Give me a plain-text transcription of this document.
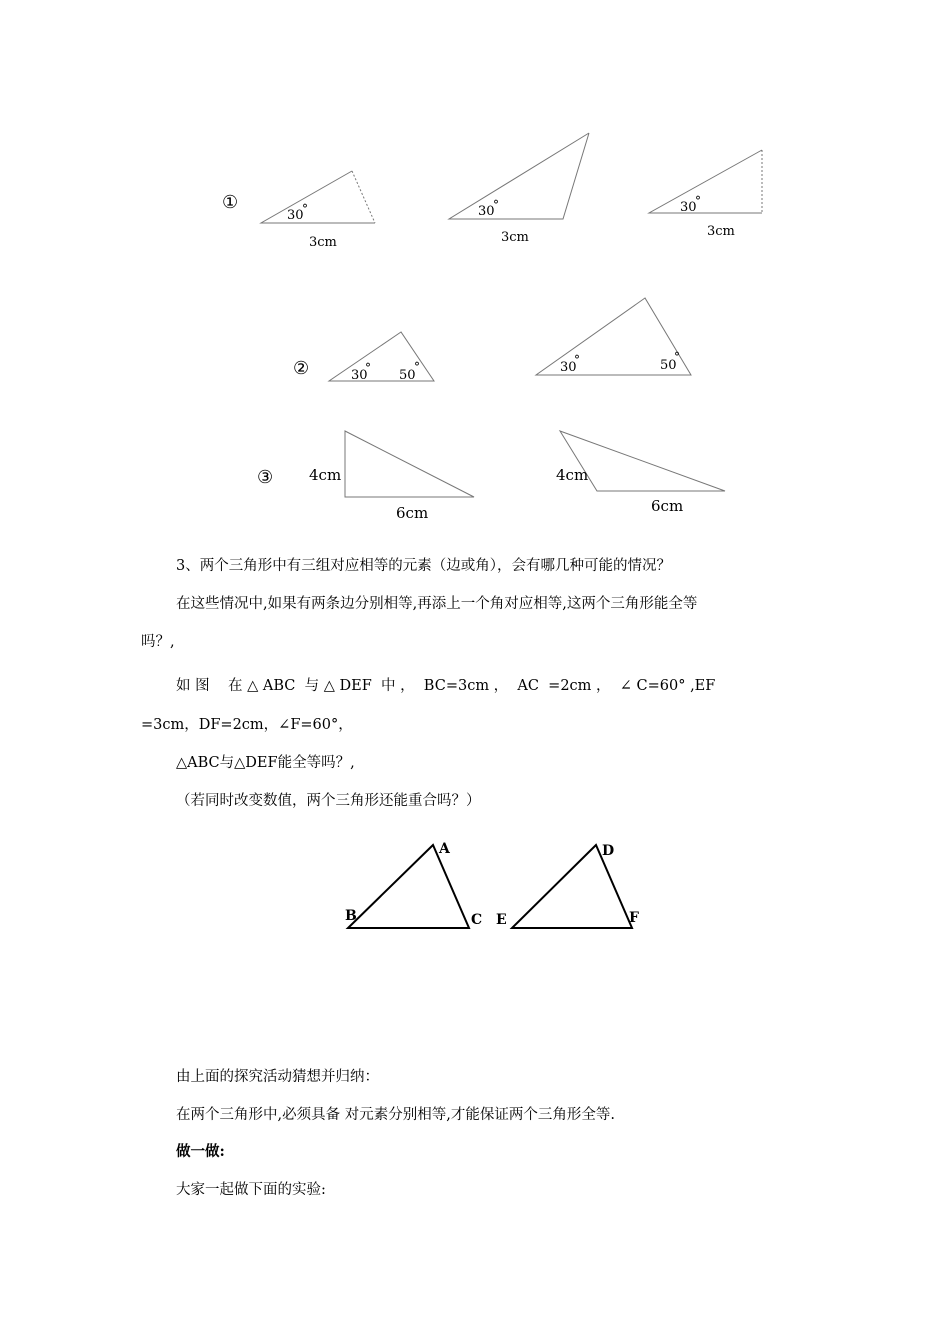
①
30
°
3cm
30
°
3cm
30
°
3cm
②	30
° 50
°	30
°	50
°
③ 4cm
6cm
4cm
6cm
3、两个三角形中有三组对应相等的元素（边或角），会有哪几种可能的情况？
在这些情况中,如果有两条边分别相等,再添上一个角对应相等,这两个三角形能全等
吗？,
如 图    在 △ ABC  与 △ DEF  中 ，  BC=3cm ，  AC  =2cm ，  ∠ C=60° ,EF
=3cm，DF=2cm，∠F=60°，
△ABC与△DEF能全等吗？,
（若同时改变数值，两个三角形还能重合吗？）
A
B	C
D
E	F
由上面的探究活动猜想并归纳：
在两个三角形中,必须具备 对元素分别相等,才能保证两个三角形全等.
做一做:
大家一起做下面的实验:
